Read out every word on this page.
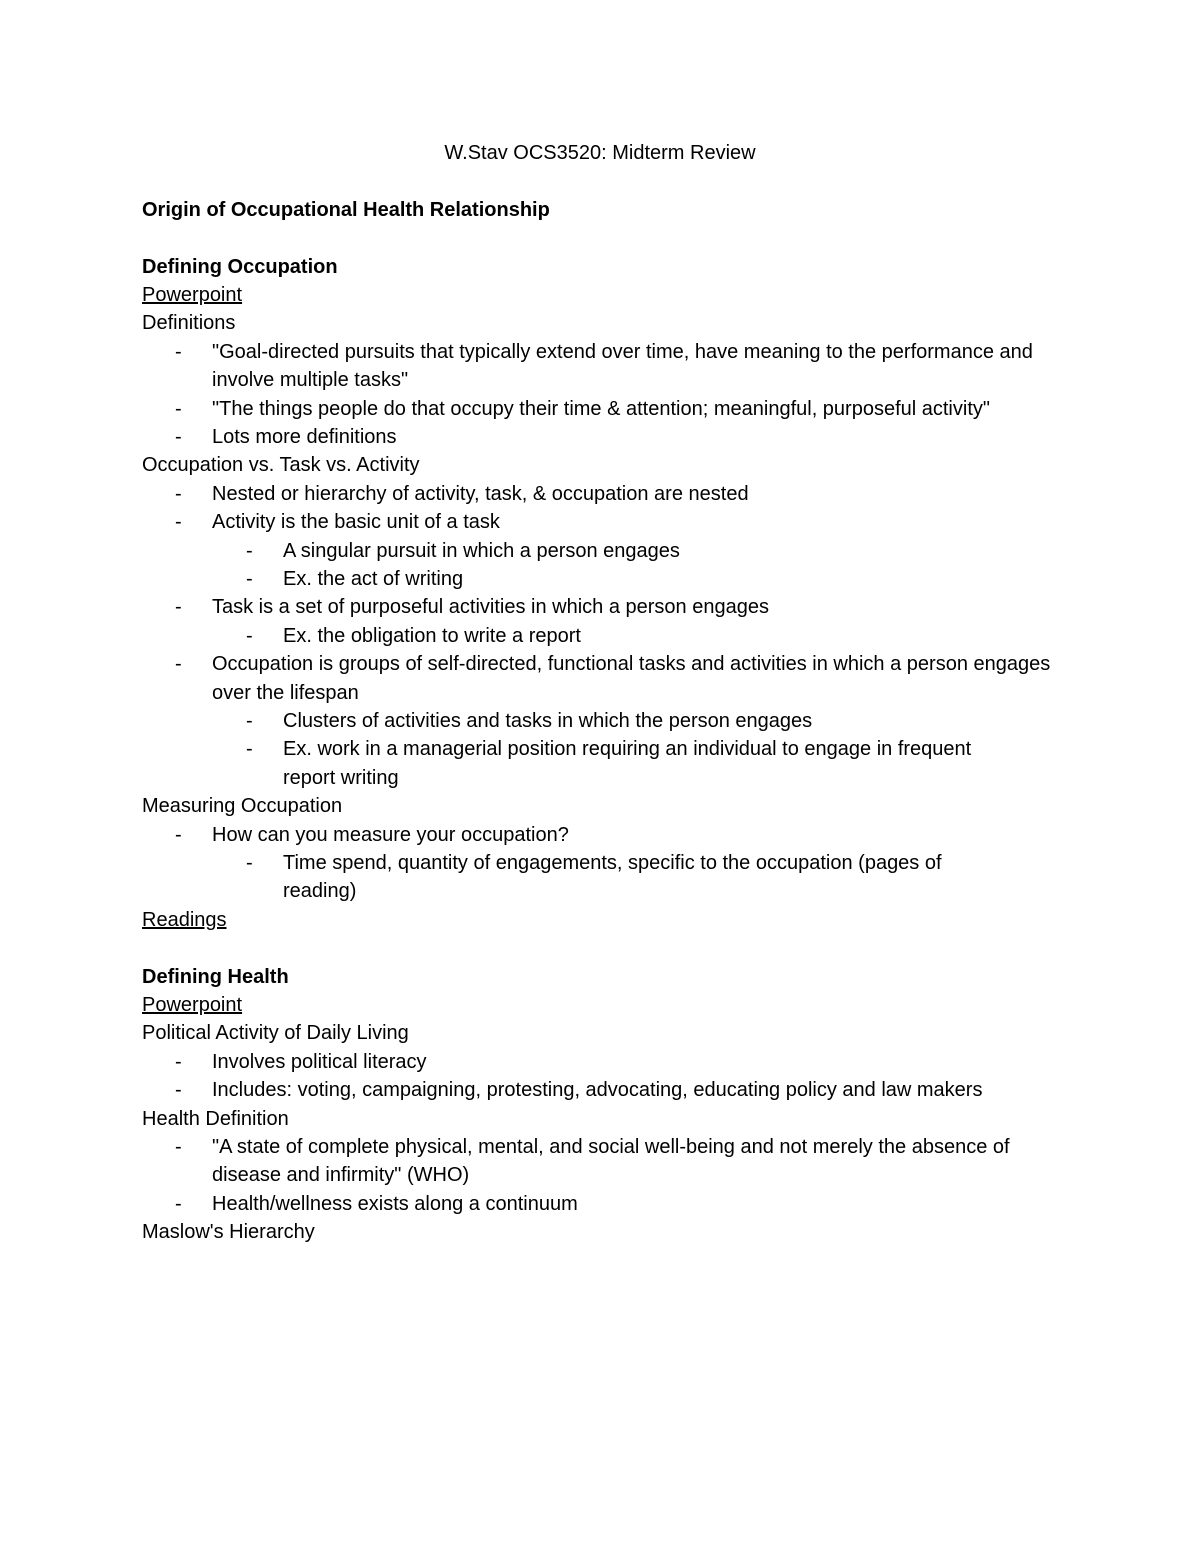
W.Stav OCS3520: Midterm Review
Origin of Occupational Health Relationship
Defining Occupation
Powerpoint
Definitions
- "Goal-directed pursuits that typically extend over time, have meaning to the performance and involve multiple tasks"
- "The things people do that occupy their time & attention; meaningful, purposeful activity"
- Lots more definitions
Occupation vs. Task vs. Activity
- Nested or hierarchy of activity, task, & occupation are nested
- Activity is the basic unit of a task
- A singular pursuit in which a person engages
- Ex. the act of writing
- Task is a set of purposeful activities in which a person engages
- Ex. the obligation to write a report
- Occupation is groups of self-directed, functional tasks and activities in which a person engages over the lifespan
- Clusters of activities and tasks in which the person engages
- Ex. work in a managerial position requiring an individual to engage in frequent report writing
Measuring Occupation
- How can you measure your occupation?
- Time spend, quantity of engagements, specific to the occupation (pages of reading)
Readings
Defining Health
Powerpoint
Political Activity of Daily Living
- Involves political literacy
- Includes: voting, campaigning, protesting, advocating, educating policy and law makers
Health Definition
- "A state of complete physical, mental, and social well-being and not merely the absence of disease and infirmity" (WHO)
- Health/wellness exists along a continuum
Maslow's Hierarchy
